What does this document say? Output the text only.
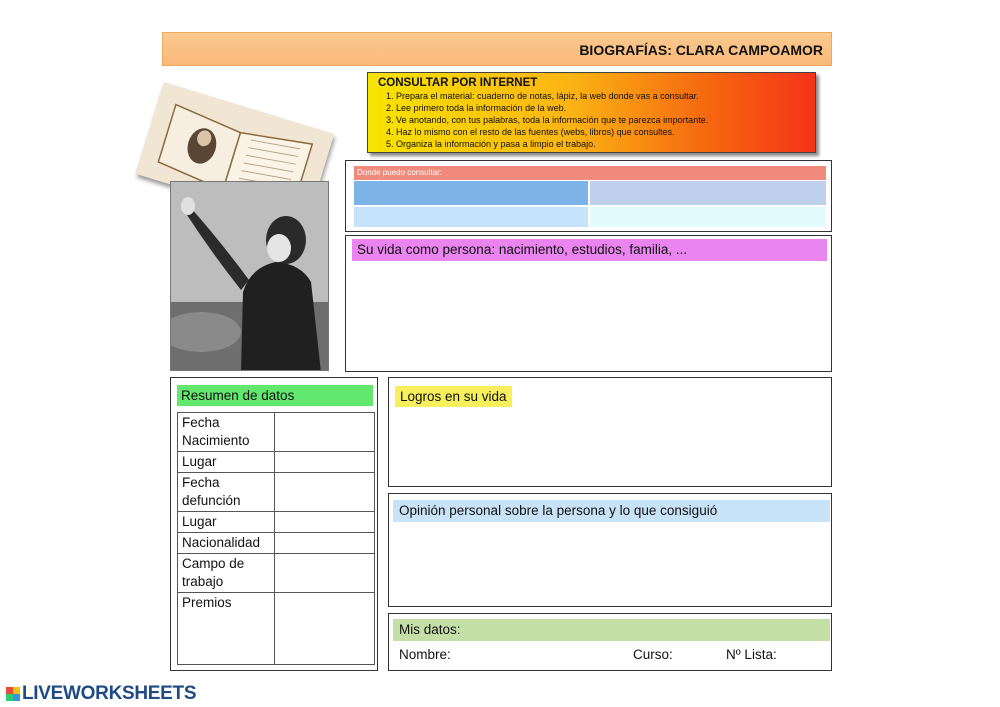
BIOGRAFÍAS: CLARA CAMPOAMOR
CONSULTAR POR INTERNET
1. Prepara el material: cuaderno de notas, lápiz, la web donde vas a consultar.
2. Lee primero toda la información de la web.
3. Ve anotando, con tus palabras, toda la información que te parezca importante.
4. Haz lo mismo con el resto de las fuentes (webs, libros) que consultes.
5. Organiza la información y pasa a limpio el trabajo.
Donde puedo consultar:
Su vida como persona: nacimiento, estudios, familia, ...
Resumen de datos
Fecha Nacimiento	
Lugar	
Fecha defunción	
Lugar	
Nacionalidad	
Campo de trabajo	
Premios	
Logros en su vida
Opinión personal sobre la persona y lo que consiguió
Mis datos:
Nombre:	Curso:	Nº Lista:
LIVEWORKSHEETS
